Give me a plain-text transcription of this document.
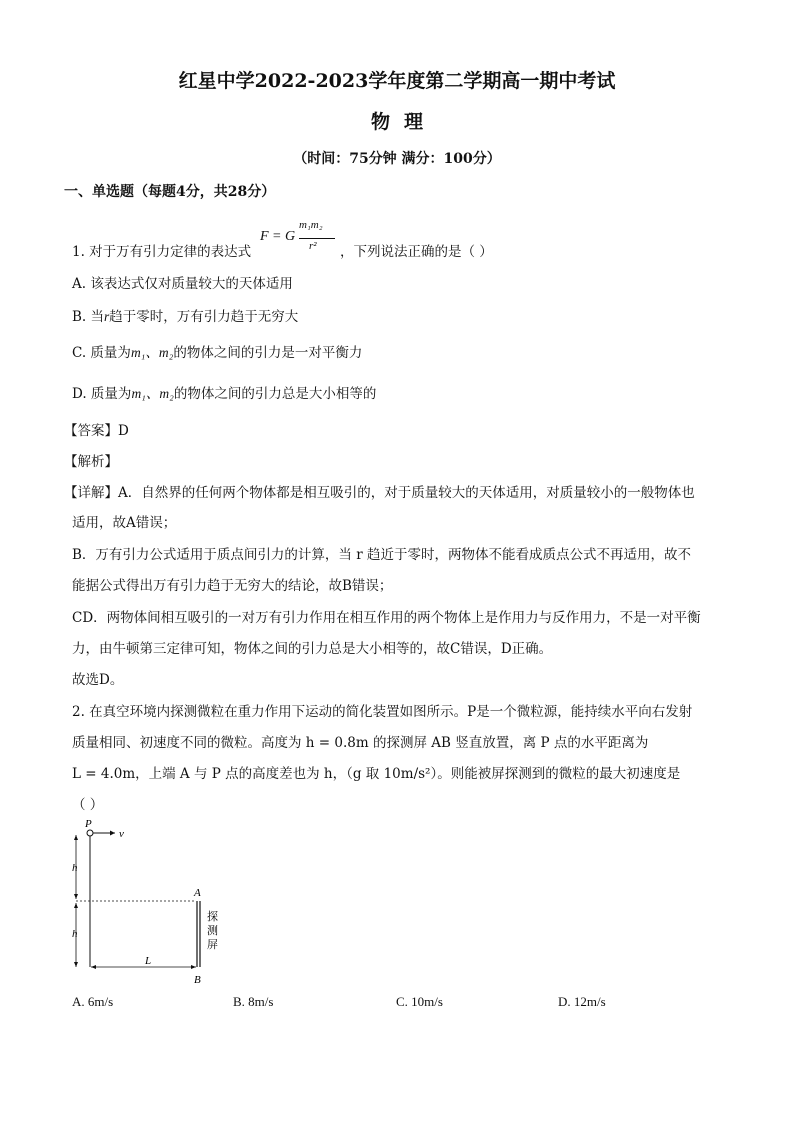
红星中学2022-2023学年度第二学期高一期中考试
物理
（时间：75分钟 满分：100分）
一、单选题（每题4分，共28分）
1. 对于万有引力定律的表达式
F = G
m₁m₂
r² ，下列说法正确的是（ ）
A. 该表达式仅对质量较大的天体适用
B. 当r趋于零时，万有引力趋于无穷大
C. 质量为m₁、m₂的物体之间的引力是一对平衡力
D. 质量为m₁、m₂的物体之间的引力总是大小相等的
【答案】D
【解析】
【详解】A．自然界的任何两个物体都是相互吸引的，对于质量较大的天体适用，对质量较小的一般物体也
适用，故A错误；
B．万有引力公式适用于质点间引力的计算，当 r 趋近于零时，两物体不能看成质点公式不再适用，故不
能据公式得出万有引力趋于无穷大的结论，故B错误；
CD．两物体间相互吸引的一对万有引力作用在相互作用的两个物体上是作用力与反作用力，不是一对平衡
力，由牛顿第三定律可知，物体之间的引力总是大小相等的，故C错误，D正确。
故选D。
2. 在真空环境内探测微粒在重力作用下运动的简化装置如图所示。P是一个微粒源，能持续水平向右发射
质量相同、初速度不同的微粒。高度为 h = 0.8m 的探测屏 AB 竖直放置，离 P 点的水平距离为
L = 4.0m，上端 A 与 P 点的高度差也为 h，（g 取 10m/s²）。则能被屏探测到的微粒的最大初速度是
（ ）
P
v
h
h
A
B
探
测
屏
L
A. 6m/s	B. 8m/s	C. 10m/s	D. 12m/s
